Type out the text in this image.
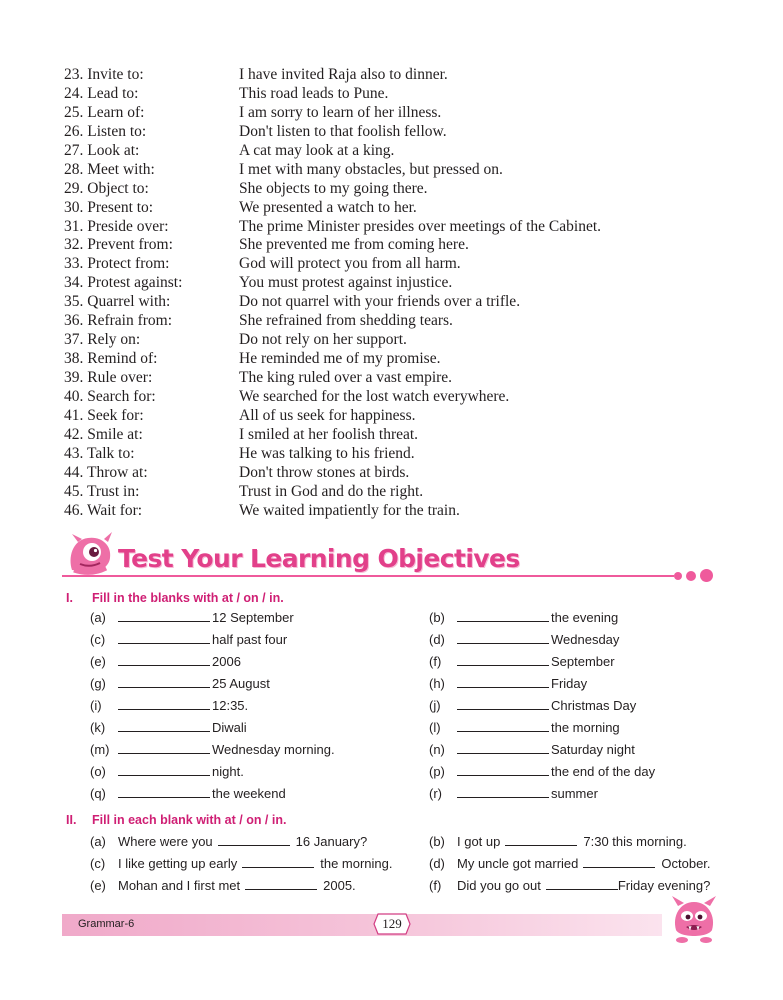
23. Invite to:	I have invited Raja also to dinner.
24. Lead to:	This road leads to Pune.
25. Learn of:	I am sorry to learn of her illness.
26. Listen to:	Don't listen to that foolish fellow.
27. Look at:	A cat may look at a king.
28. Meet with:	I met with many obstacles, but pressed on.
29. Object to:	She objects to my going there.
30. Present to:	We presented a watch to her.
31. Preside over:	The prime Minister presides over meetings of the Cabinet.
32. Prevent from:	She prevented me from coming here.
33. Protect from:	God will protect you from all harm.
34. Protest against:	You must protest against injustice.
35. Quarrel with:	Do not quarrel with your friends over a trifle.
36. Refrain from:	She refrained from shedding tears.
37. Rely on:	Do not rely on her support.
38. Remind of:	He reminded me of my promise.
39. Rule over:	The king ruled over a vast empire.
40. Search for:	We searched for the lost watch everywhere.
41. Seek for:	All of us seek for happiness.
42. Smile at:	I smiled at her foolish threat.
43. Talk to:	He was talking to his friend.
44. Throw at:	Don't throw stones at birds.
45. Trust in:	Trust in God and do the right.
46. Wait for:	We waited impatiently for the train.
Test Your Learning Objectives
I. Fill in the blanks with at / on / in.
(a)	12 September	(b)	the evening
(c)	half past four	(d)	Wednesday
(e)	2006	(f)	September
(g)	25 August	(h)	Friday
(i)	12:35.	(j)	Christmas Day
(k)	Diwali	(l)	the morning
(m)	Wednesday morning.	(n)	Saturday night
(o)	night.	(p)	the end of the day
(q)	the weekend	(r)	summer
II. Fill in each blank with at / on / in.
(a) Where were you	16 January?	(b) I got up	7:30 this morning.
(c) I like getting up early	the morning.	(d) My uncle got married	October.
(e) Mohan and I first met	2005.	(f) Did you go out	Friday evening?
Grammar-6	129
